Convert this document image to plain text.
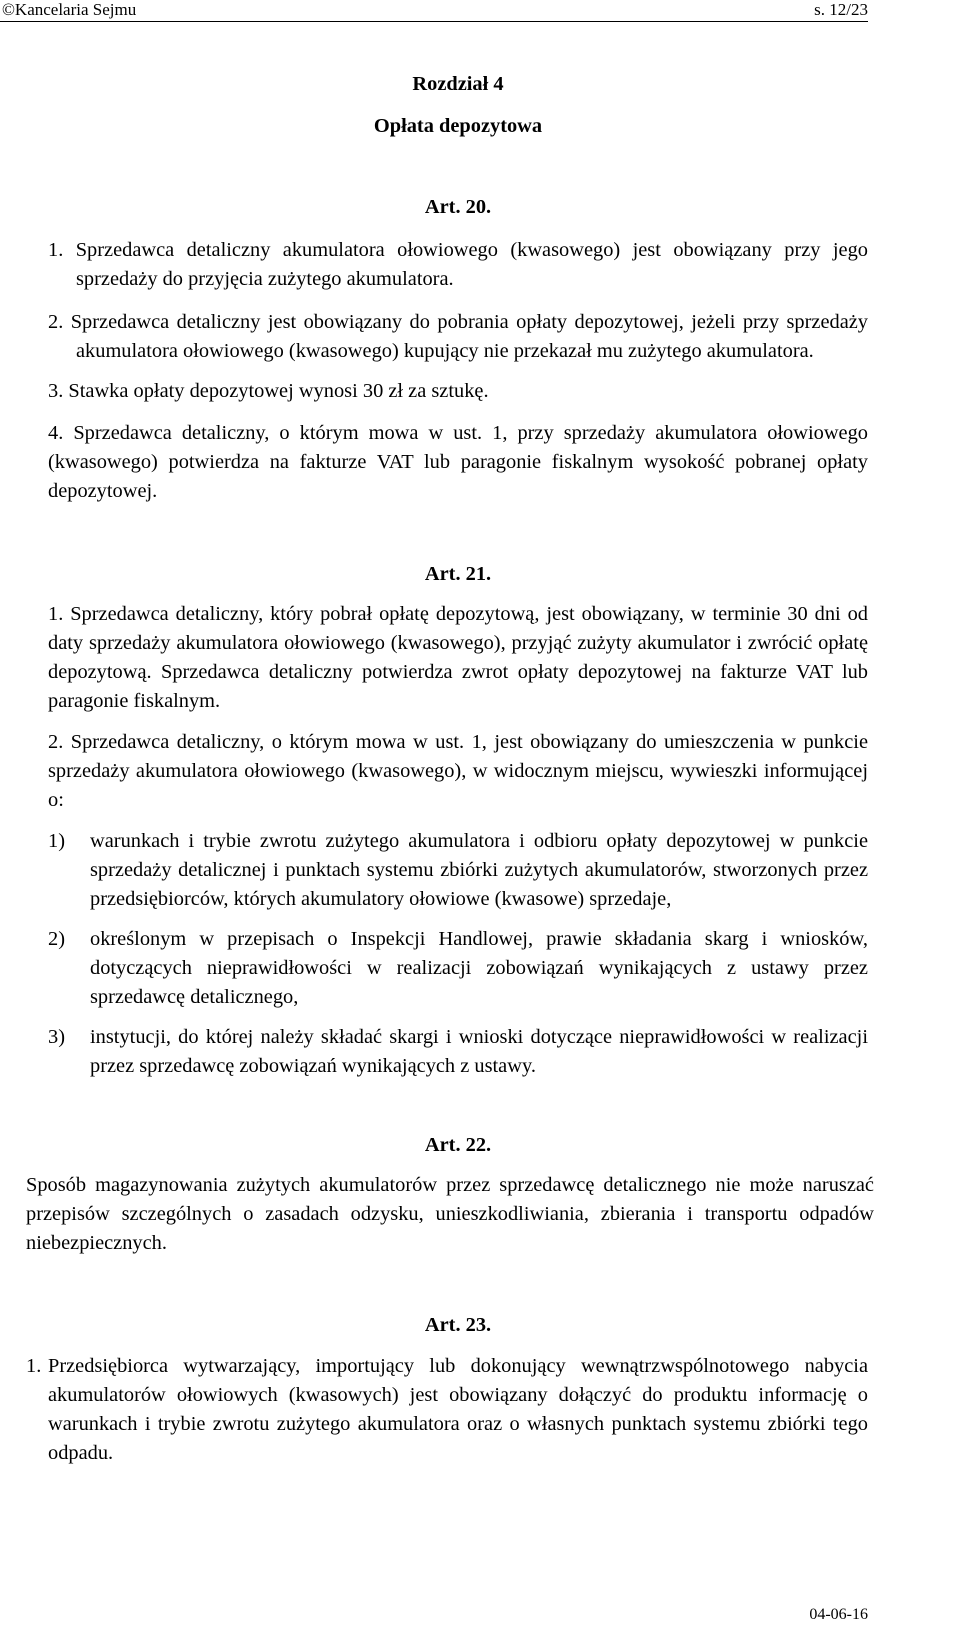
©Kancelaria Sejmu	s. 12/23

Rozdział 4

Opłata depozytowa

Art. 20.

1. Sprzedawca detaliczny akumulatora ołowiowego (kwasowego) jest obowiązany przy jego sprzedaży do przyjęcia zużytego akumulatora.

2. Sprzedawca detaliczny jest obowiązany do pobrania opłaty depozytowej, jeżeli przy sprzedaży akumulatora ołowiowego (kwasowego) kupujący nie przekazał mu zużytego akumulatora.

3. Stawka opłaty depozytowej wynosi 30 zł za sztukę.

4. Sprzedawca detaliczny, o którym mowa w ust. 1, przy sprzedaży akumulatora ołowiowego (kwasowego) potwierdza na fakturze VAT lub paragonie fiskalnym wysokość pobranej opłaty depozytowej.

Art. 21.

1. Sprzedawca detaliczny, który pobrał opłatę depozytową, jest obowiązany, w terminie 30 dni od daty sprzedaży akumulatora ołowiowego (kwasowego), przyjąć zużyty akumulator i zwrócić opłatę depozytową. Sprzedawca detaliczny potwierdza zwrot opłaty depozytowej na fakturze VAT lub paragonie fiskalnym.

2. Sprzedawca detaliczny, o którym mowa w ust. 1, jest obowiązany do umieszczenia w punkcie sprzedaży akumulatora ołowiowego (kwasowego), w widocznym miejscu, wywieszki informującej o:

1)	warunkach i trybie zwrotu zużytego akumulatora i odbioru opłaty depozytowej w punkcie sprzedaży detalicznej i punktach systemu zbiórki zużytych akumulatorów, stworzonych przez przedsiębiorców, których akumulatory ołowiowe (kwasowe) sprzedaje,
2)	określonym w przepisach o Inspekcji Handlowej, prawie składania skarg i wniosków, dotyczących nieprawidłowości w realizacji zobowiązań wynikających z ustawy przez sprzedawcę detalicznego,
3)	instytucji, do której należy składać skargi i wnioski dotyczące nieprawidłowości w realizacji przez sprzedawcę zobowiązań wynikających z ustawy.

Art. 22.

Sposób magazynowania zużytych akumulatorów przez sprzedawcę detalicznego nie może naruszać przepisów szczególnych o zasadach odzysku, unieszkodliwiania, zbierania i transportu odpadów niebezpiecznych.

Art. 23.

1. Przedsiębiorca wytwarzający, importujący lub dokonujący wewnątrzwspólnotowego nabycia akumulatorów ołowiowych (kwasowych) jest obowiązany dołączyć do produktu informację o warunkach i trybie zwrotu zużytego akumulatora oraz o własnych punktach systemu zbiórki tego odpadu.
04-06-16
